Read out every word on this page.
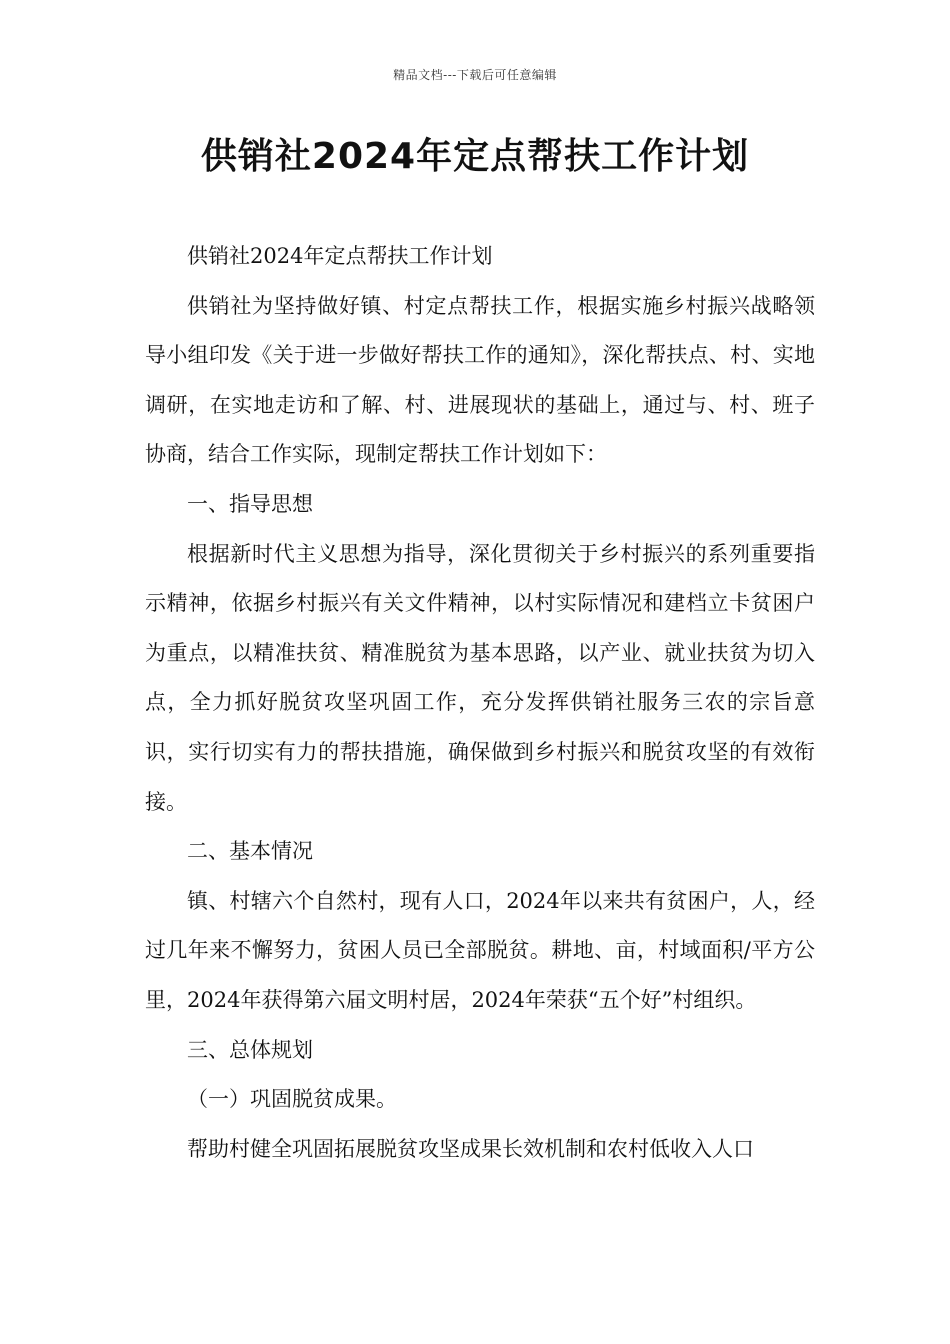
精品文档---下载后可任意编辑
供销社2024年定点帮扶工作计划

供销社2024年定点帮扶工作计划

供销社为坚持做好镇、村定点帮扶工作，根据实施乡村振兴战略领导小组印发《关于进一步做好帮扶工作的通知》，深化帮扶点、村、实地调研，在实地走访和了解、村、进展现状的基础上，通过与、村、班子协商，结合工作实际，现制定帮扶工作计划如下：

一、指导思想

根据新时代主义思想为指导，深化贯彻关于乡村振兴的系列重要指示精神，依据乡村振兴有关文件精神，以村实际情况和建档立卡贫困户为重点，以精准扶贫、精准脱贫为基本思路，以产业、就业扶贫为切入点，全力抓好脱贫攻坚巩固工作，充分发挥供销社服务三农的宗旨意识，实行切实有力的帮扶措施，确保做到乡村振兴和脱贫攻坚的有效衔接。

二、基本情况

镇、村辖六个自然村，现有人口，2024年以来共有贫困户，人，经过几年来不懈努力，贫困人员已全部脱贫。耕地、亩，村域面积/平方公里，2024年获得第六届文明村居，2024年荣获“五个好”村组织。

三、总体规划

（一）巩固脱贫成果。

帮助村健全巩固拓展脱贫攻坚成果长效机制和农村低收入人口
